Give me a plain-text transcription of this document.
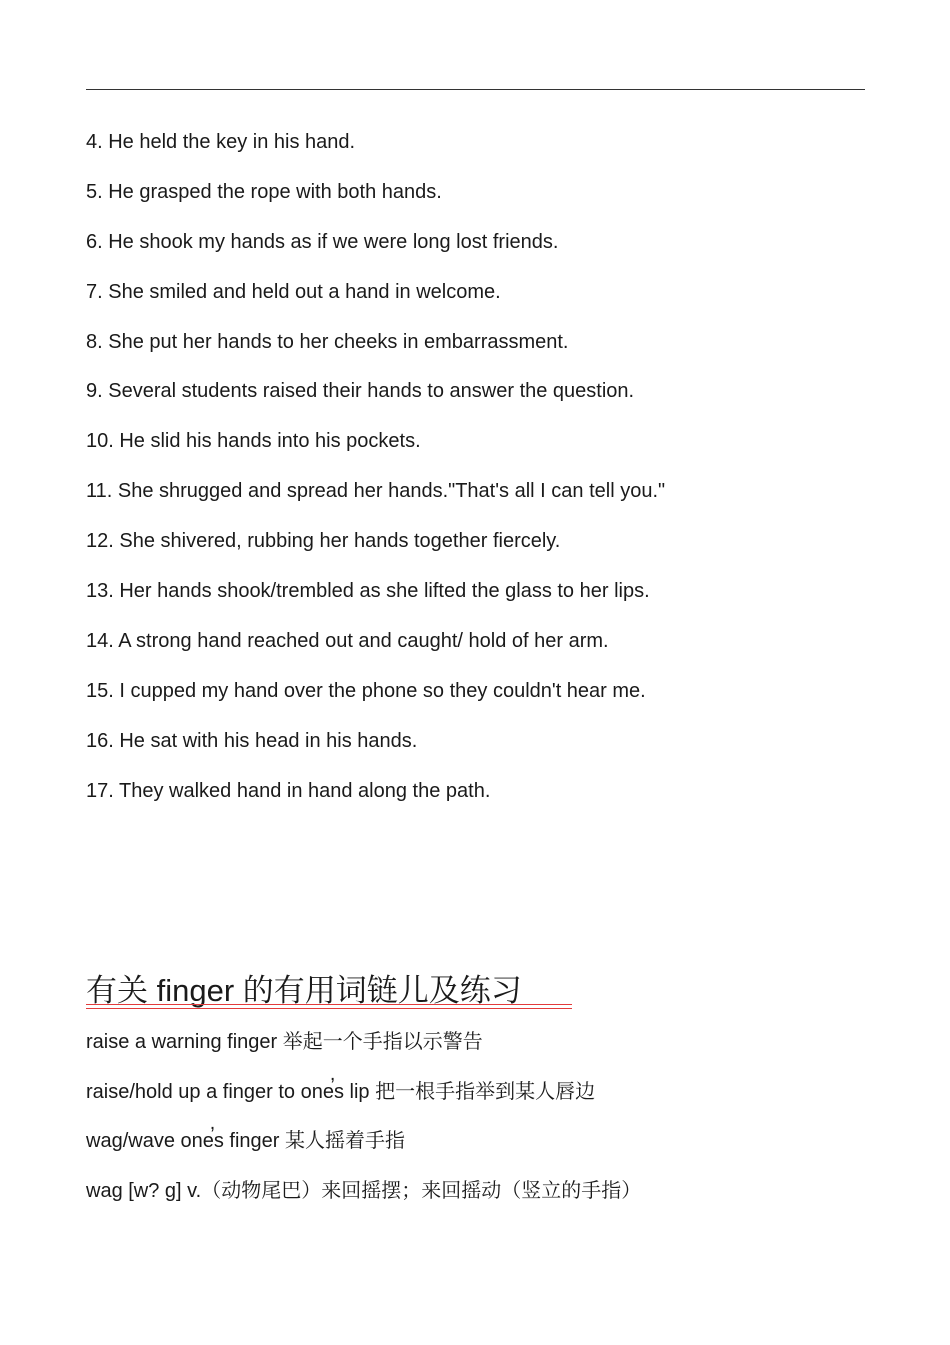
4. He held the key in his hand.
5. He grasped the rope with both hands.
6. He shook my hands as if we were long lost friends.
7. She smiled and held out a hand in welcome.
8. She put her hands to her cheeks in embarrassment.
9. Several students raised their hands to answer the question.
10. He slid his hands into his pockets.
11. She shrugged and spread her hands."That's all I can tell you."
12. She shivered, rubbing her hands together fiercely.
13. Her hands shook/trembled as she lifted the glass to her lips.
14. A strong hand reached out and caught/ hold of her arm.
15. I cupped my hand over the phone so they couldn't hear me.
16. He sat with his head in his hands.
17. They walked hand in hand along the path.
有关 finger 的有用词链儿及练习
raise a warning finger 举起一个手指以示警告
raise/hold up a finger to one̕s lip 把一根手指举到某人唇边
wag/wave one̕s finger 某人摇着手指
wag [w? ɡ] v.（动物尾巴）来回摇摆；来回摇动（竖立的手指）
